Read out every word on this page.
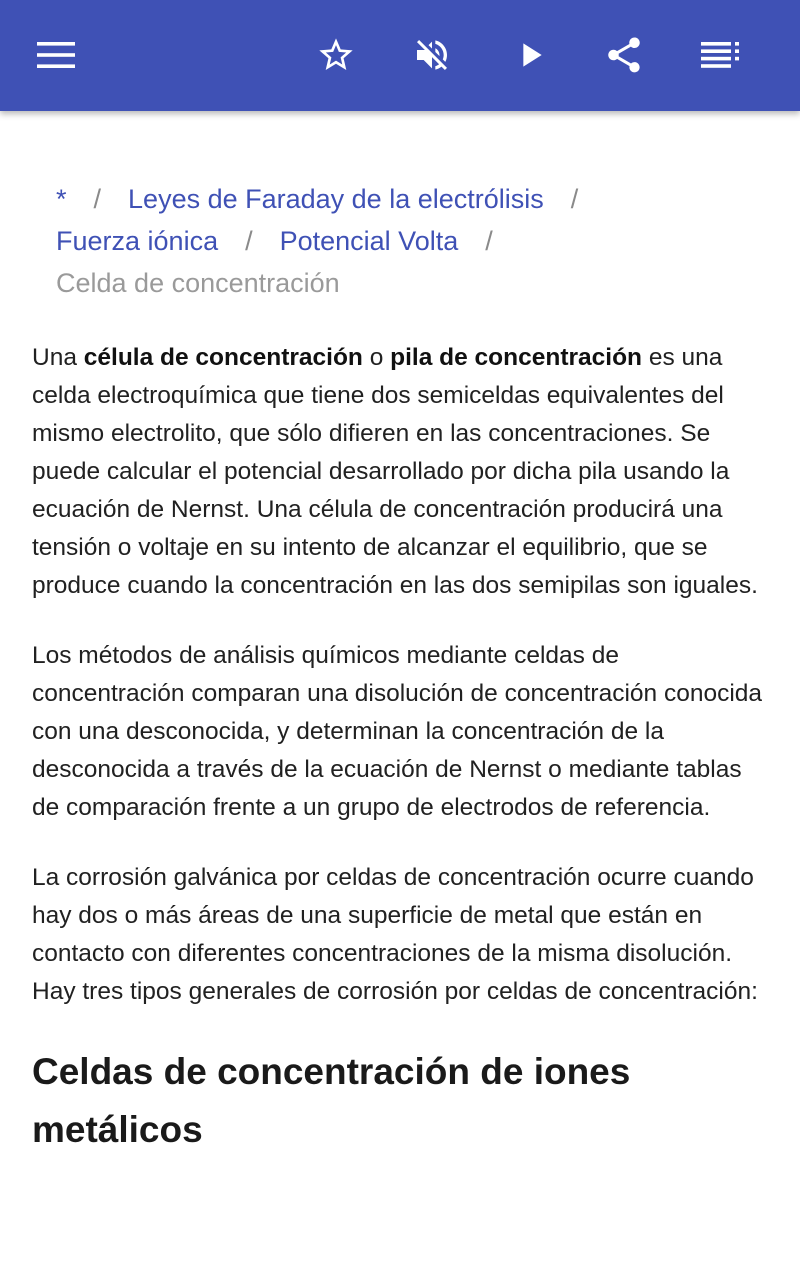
* / Leyes de Faraday de la electrólisis /
Fuerza iónica / Potencial Volta /
Celda de concentración

Una célula de concentración o pila de concentración es una celda electroquímica que tiene dos semiceldas equivalentes del mismo electrolito, que sólo difieren en las concentraciones. Se puede calcular el potencial desarrollado por dicha pila usando la ecuación de Nernst. Una célula de concentración producirá una tensión o voltaje en su intento de alcanzar el equilibrio, que se produce cuando la concentración en las dos semipilas son iguales.

Los métodos de análisis químicos mediante celdas de concentración comparan una disolución de concentración conocida con una desconocida, y determinan la concentración de la desconocida a través de la ecuación de Nernst o mediante tablas de comparación frente a un grupo de electrodos de referencia.

La corrosión galvánica por celdas de concentración ocurre cuando hay dos o más áreas de una superficie de metal que están en contacto con diferentes concentraciones de la misma disolución. Hay tres tipos generales de corrosión por celdas de concentración:

Celdas de concentración de iones metálicos
